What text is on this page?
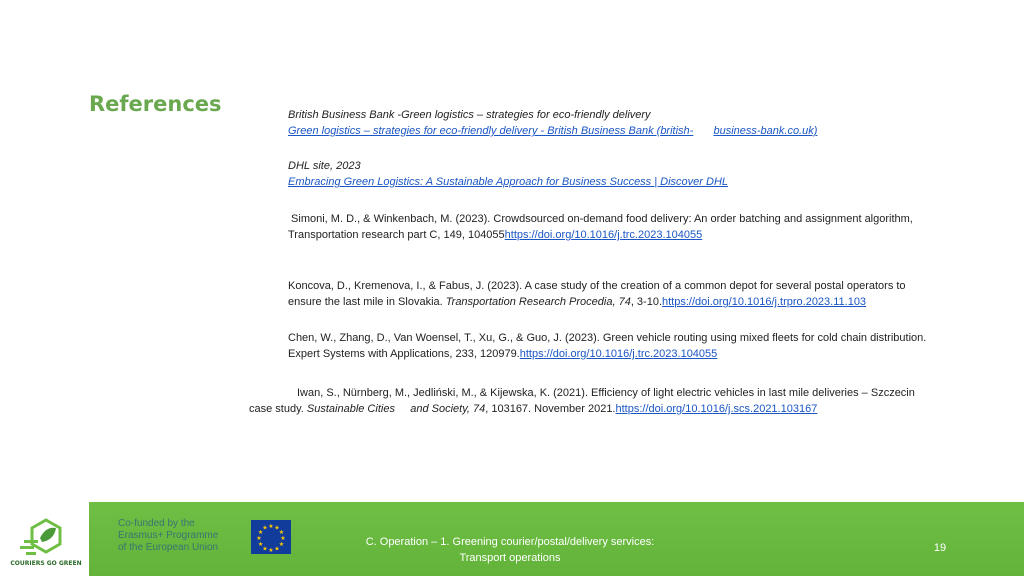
References	British Business Bank -Green logistics – strategies for eco-friendly delivery
Green logistics – strategies for eco-friendly delivery - British Business Bank (british- business-bank.co.uk)
DHL site, 2023
Embracing Green Logistics: A Sustainable Approach for Business Success | Discover DHL
Simoni, M. D., & Winkenbach, M. (2023). Crowdsourced on-demand food delivery: An order batching and assignment algorithm,
Transportation research part C, 149, 104055https://doi.org/10.1016/j.trc.2023.104055
Koncova, D., Kremenova, I., & Fabus, J. (2023). A case study of the creation of a common depot for several postal operators to
ensure the last mile in Slovakia. Transportation Research Procedia, 74, 3-10.https://doi.org/10.1016/j.trpro.2023.11.103
Chen, W., Zhang, D., Van Woensel, T., Xu, G., & Guo, J. (2023). Green vehicle routing using mixed fleets for cold chain distribution.
Expert Systems with Applications, 233, 120979.https://doi.org/10.1016/j.trc.2023.104055
Iwan, S., Nürnberg, M., Jedliński, M., & Kijewska, K. (2021). Efficiency of light electric vehicles in last mile deliveries – Szczecin
case study. Sustainable Cities     and Society, 74, 103167. November 2021.https://doi.org/10.1016/j.scs.2021.103167
COURIERS GO GREEN
Co-funded by the
Erasmus+ Programme
of the European Union
★ ★
★
★
★
★
★
★
★
★
★
★
C. Operation – 1. Greening courier/postal/delivery services:
Transport operations
19
